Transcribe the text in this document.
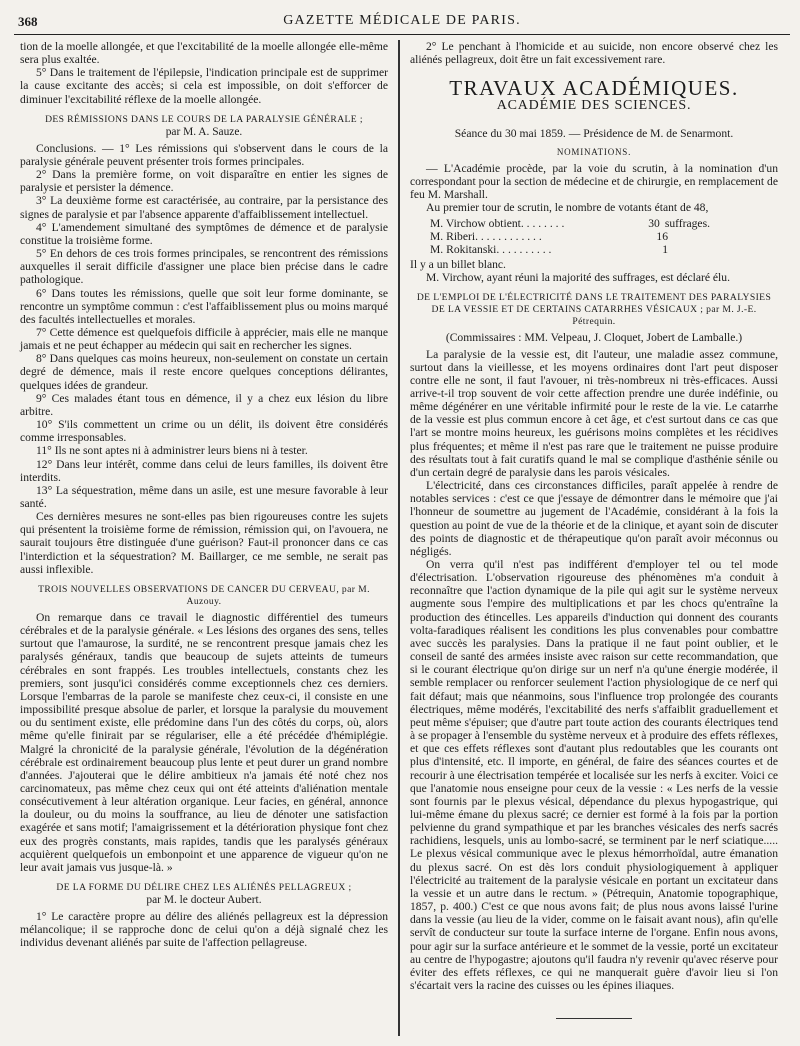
368	GAZETTE MÉDICALE DE PARIS.

tion de la moelle allongée, et que l'excitabilité de la moelle allongée elle-même sera plus exaltée.

5° Dans le traitement de l'épilepsie, l'indication principale est de supprimer la cause excitante des accès; si cela est impossible, on doit s'efforcer de diminuer l'excitabilité réflexe de la moelle allongée.

DES RÉMISSIONS DANS LE COURS DE LA PARALYSIE GÉNÉRALE ;
par M. A. Sauze.

Conclusions. — 1° Les rémissions qui s'observent dans le cours de la paralysie générale peuvent présenter trois formes principales.

2° Dans la première forme, on voit disparaître en entier les signes de paralysie et persister la démence.

3° La deuxième forme est caractérisée, au contraire, par la persistance des signes de paralysie et par l'absence apparente d'affaiblissement intellectuel.

4° L'amendement simultané des symptômes de démence et de paralysie constitue la troisième forme.

5° En dehors de ces trois formes principales, se rencontrent des rémissions auxquelles il serait difficile d'assigner une place bien précise dans le cadre pathologique.

6° Dans toutes les rémissions, quelle que soit leur forme dominante, se rencontre un symptôme commun : c'est l'affaiblissement plus ou moins marqué des facultés intellectuelles et morales.

7° Cette démence est quelquefois difficile à apprécier, mais elle ne manque jamais et ne peut échapper au médecin qui sait en rechercher les signes.

8° Dans quelques cas moins heureux, non-seulement on constate un certain degré de démence, mais il reste encore quelques conceptions délirantes, quelques idées de grandeur.

9° Ces malades étant tous en démence, il y a chez eux lésion du libre arbitre.

10° S'ils commettent un crime ou un délit, ils doivent être considérés comme irresponsables.

11° Ils ne sont aptes ni à administrer leurs biens ni à tester.

12° Dans leur intérêt, comme dans celui de leurs familles, ils doivent être interdits.

13° La séquestration, même dans un asile, est une mesure favorable à leur santé.

Ces dernières mesures ne sont-elles pas bien rigoureuses contre les sujets qui présentent la troisième forme de rémission, rémission qui, on l'avouera, ne saurait toujours être distinguée d'une guérison? Faut-il prononcer dans ce cas l'interdiction et la séquestration? M. Baillarger, ce me semble, ne serait pas aussi inflexible.

TROIS NOUVELLES OBSERVATIONS DE CANCER DU CERVEAU, par M. Auzouy.

On remarque dans ce travail le diagnostic différentiel des tumeurs cérébrales et de la paralysie générale. « Les lésions des organes des sens, telles surtout que l'amaurose, la surdité, ne se rencontrent presque jamais chez les paralysés généraux, tandis que beaucoup de sujets atteints de tumeurs cérébrales en sont frappés. Les troubles intellectuels, constants chez les premiers, sont jusqu'ici considérés comme exceptionnels chez ces derniers. Lorsque l'embarras de la parole se manifeste chez ceux-ci, il consiste en une impossibilité presque absolue de parler, et lorsque la paralysie du mouvement ou du sentiment existe, elle prédomine dans l'un des côtés du corps, où, alors même qu'elle finirait par se régulariser, elle a été précédée d'hémiplégie. Malgré la chronicité de la paralysie générale, l'évolution de la dégénération cérébrale est ordinairement beaucoup plus lente et peut durer un grand nombre d'années. J'ajouterai que le délire ambitieux n'a jamais été noté chez nos carcinomateux, pas même chez ceux qui ont été atteints d'aliénation mentale consécutivement à leur altération organique. Leur facies, en général, annonce la douleur, ou du moins la souffrance, au lieu de dénoter une satisfaction exagérée et sans motif; l'amaigrissement et la détérioration physique font chez eux des progrès constants, mais rapides, tandis que les paralysés généraux acquièrent quelquefois un embonpoint et une apparence de vigueur qu'on ne leur avait jamais vus jusque-là. »

DE LA FORME DU DÉLIRE CHEZ LES ALIÉNÉS PELLAGREUX ;
par M. le docteur Aubert.

1° Le caractère propre au délire des aliénés pellagreux est la dépression mélancolique; il se rapproche donc de celui qu'on a déjà signalé chez les individus devenant aliénés par suite de l'affection pellagreuse.

2° Le penchant à l'homicide et au suicide, non encore observé chez les aliénés pellagreux, doit être un fait excessivement rare.

TRAVAUX ACADÉMIQUES.
ACADÉMIE DES SCIENCES.
Séance du 30 mai 1859. — Présidence de M. de Senarmont.
NOMINATIONS.

— L'Académie procède, par la voie du scrutin, à la nomination d'un correspondant pour la section de médecine et de chirurgie, en remplacement de feu M. Marshall.

Au premier tour de scrutin, le nombre de votants étant de 48,

M. Virchow obtient. . . . . . . .	30 suffrages.
M. Riberi. . . . . . . . . . . .	16
M. Rokitanski. . . . . . . . . .	1

Il y a un billet blanc.

M. Virchow, ayant réuni la majorité des suffrages, est déclaré élu.

DE L'EMPLOI DE L'ÉLECTRICITÉ DANS LE TRAITEMENT DES PARALYSIES DE LA VESSIE ET DE CERTAINS CATARRHES VÉSICAUX ; par M. J.-E. Pétrequin.

(Commissaires : MM. Velpeau, J. Cloquet, Jobert de Lamballe.)

La paralysie de la vessie est, dit l'auteur, une maladie assez commune, surtout dans la vieillesse, et les moyens ordinaires dont l'art peut disposer contre elle ne sont, il faut l'avouer, ni très-nombreux ni très-efficaces. Aussi arrive-t-il trop souvent de voir cette affection prendre une durée indéfinie, ou même dégénérer en une véritable infirmité pour le reste de la vie. Le catarrhe de la vessie est plus commun encore à cet âge, et c'est surtout dans ce cas que l'art se montre moins heureux, les guérisons moins complètes et les récidives plus fréquentes; et même il n'est pas rare que le traitement ne puisse produire des résultats tout à fait curatifs quand le mal se complique d'asthénie sénile ou d'un certain degré de paralysie dans les parois vésicales.

L'électricité, dans ces circonstances difficiles, paraît appelée à rendre de notables services : c'est ce que j'essaye de démontrer dans le mémoire que j'ai l'honneur de soumettre au jugement de l'Académie, considérant à la fois la question au point de vue de la théorie et de la clinique, et ayant soin de discuter des points de diagnostic et de thérapeutique qu'on paraît avoir méconnus ou négligés.

On verra qu'il n'est pas indifférent d'employer tel ou tel mode d'électrisation. L'observation rigoureuse des phénomènes m'a conduit à reconnaître que l'action dynamique de la pile qui agit sur le système nerveux augmente sous l'empire des multiplications et par les chocs qu'entraîne la production des étincelles. Les appareils d'induction qui donnent des courants volta-faradiques réalisent les conditions les plus convenables pour combattre avec succès les paralysies. Dans la pratique il ne faut point oublier, et le conseil de santé des armées insiste avec raison sur cette recommandation, que si le courant électrique qu'on dirige sur un nerf n'a qu'une énergie modérée, il semble remplacer ou renforcer seulement l'action physiologique de ce nerf qui fait défaut; mais que néanmoins, sous l'influence trop prolongée des courants électriques, même modérés, l'excitabilité des nerfs s'affaiblit graduellement et peut même s'épuiser; que d'autre part toute action des courants électriques tend à se propager à l'ensemble du système nerveux et à produire des effets réflexes, et que ces effets réflexes sont d'autant plus redoutables que les courants ont plus d'intensité, etc. Il importe, en général, de faire des séances courtes et de recourir à une électrisation tempérée et localisée sur les nerfs à exciter. Voici ce que l'anatomie nous enseigne pour ceux de la vessie : « Les nerfs de la vessie sont fournis par le plexus vésical, dépendance du plexus hypogastrique, qui lui-même émane du plexus sacré; ce dernier est formé à la fois par la portion pelvienne du grand sympathique et par les branches vésicales des nerfs sacrés rachidiens, lesquels, unis au lombo-sacré, se terminent par le nerf sciatique..... Le plexus vésical communique avec le plexus hémorrhoïdal, autre émanation du plexus sacré. On est dès lors conduit physiologiquement à appliquer l'électricité au traitement de la paralysie vésicale en portant un excitateur dans la vessie et un autre dans le rectum. » (Pétrequin, Anatomie topographique, 1857, p. 400.) C'est ce que nous avons fait; de plus nous avons laissé l'urine dans la vessie (au lieu de la vider, comme on le faisait avant nous), afin qu'elle servît de conducteur sur toute la surface interne de l'organe. Enfin nous avons, pour agir sur la surface antérieure et le sommet de la vessie, porté un excitateur au centre de l'hypogastre; ajoutons qu'il faudra n'y revenir qu'avec réserve pour éviter des effets réflexes, ce qui ne manquerait guère d'avoir lieu si l'on s'écartait vers la racine des cuisses ou les épines iliaques.
